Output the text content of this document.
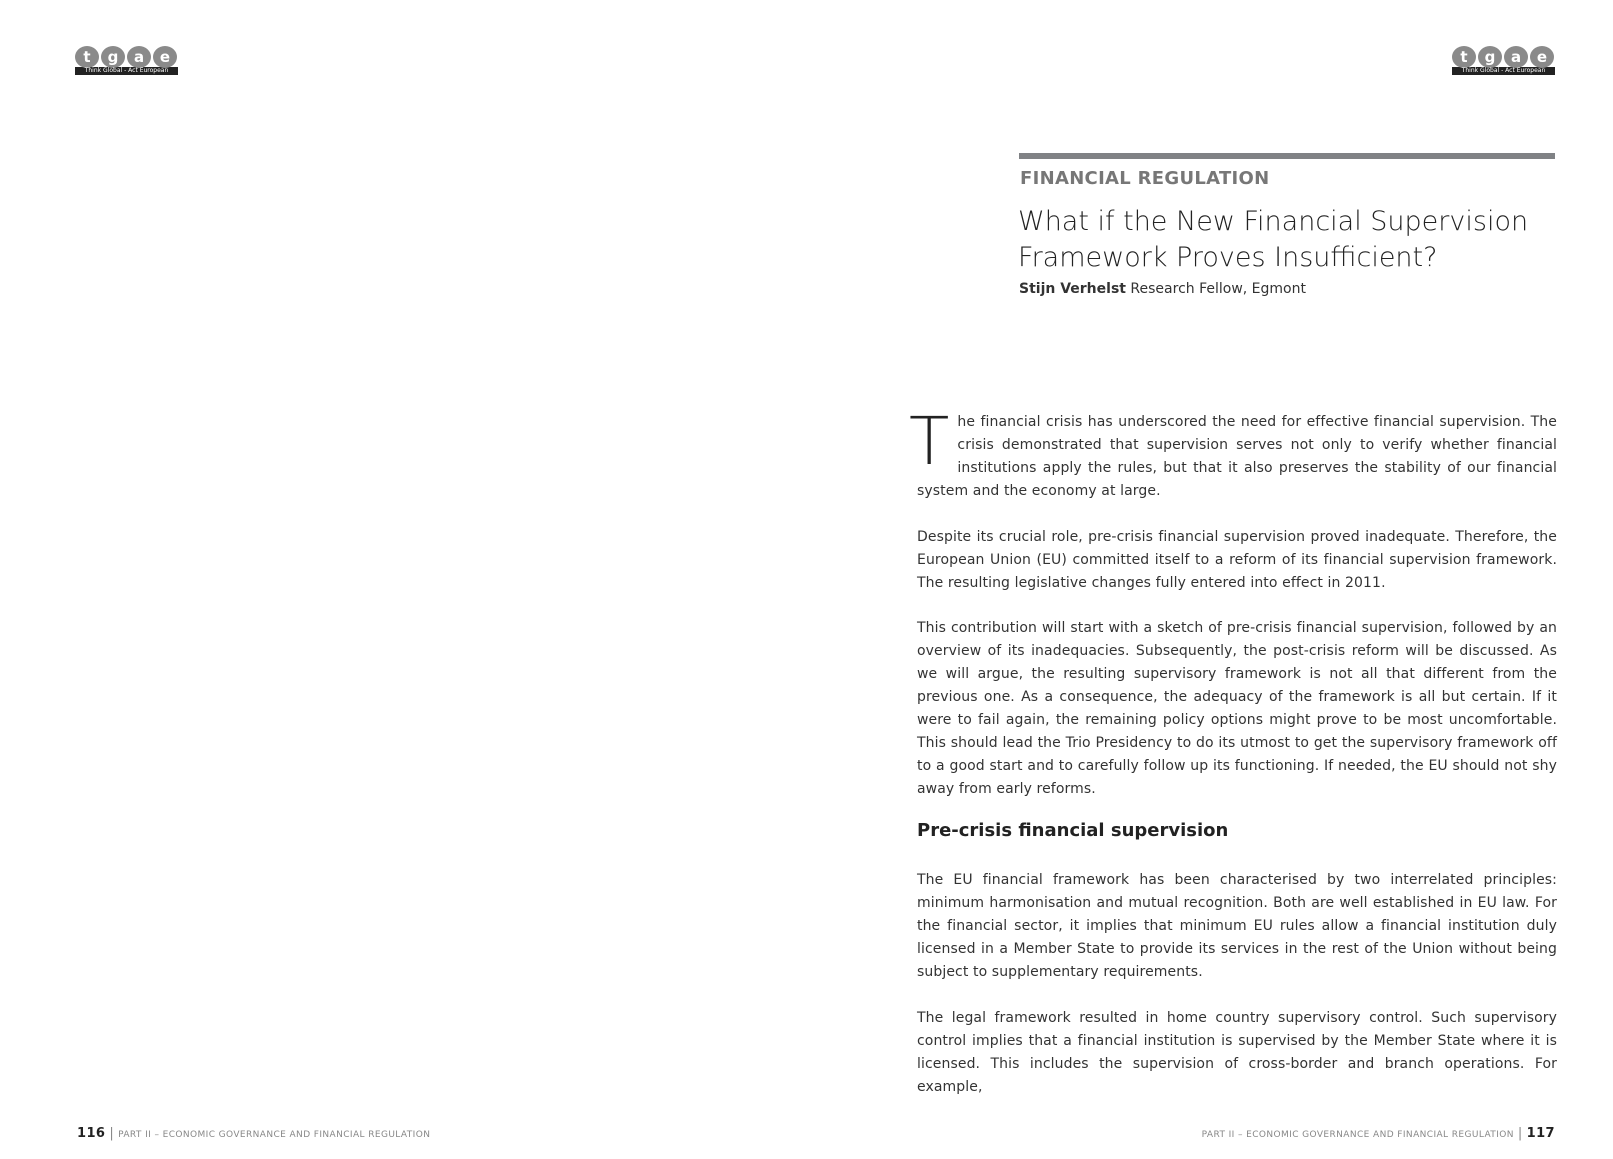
t	g	a	e
Think Global - Act European
t	g	a	e
Think Global - Act European
FINANCIAL REGULATION
What if the New Financial Supervision
Framework Proves Insufficient?
Stijn Verhelst Research Fellow, Egmont

The financial crisis has underscored the need for effective financial supervision. The crisis demonstrated that supervision serves not only to verify whether financial institutions apply the rules, but that it also preserves the stability of our financial system and the economy at large.

Despite its crucial role, pre-crisis financial supervision proved inadequate. Therefore, the European Union (EU) committed itself to a reform of its financial supervision framework. The resulting legislative changes fully entered into effect in 2011.

This contribution will start with a sketch of pre-crisis financial supervision, followed by an overview of its inadequacies. Subsequently, the post-crisis reform will be discussed. As we will argue, the resulting supervisory framework is not all that different from the previous one. As a consequence, the adequacy of the framework is all but certain. If it were to fail again, the remaining policy options might prove to be most uncomfortable. This should lead the Trio Presidency to do its utmost to get the supervisory framework off to a good start and to carefully follow up its functioning. If needed, the EU should not shy away from early reforms.

Pre-crisis financial supervision

The EU financial framework has been characterised by two interrelated principles: minimum harmonisation and mutual recognition. Both are well established in EU law. For the financial sector, it implies that minimum EU rules allow a financial institution duly licensed in a Member State to provide its services in the rest of the Union without being subject to supplementary requirements.

The legal framework resulted in home country supervisory control. Such supervisory control implies that a financial institution is supervised by the Member State where it is licensed. This includes the supervision of cross-border and branch operations. For example,

116 | PART II – ECONOMIC GOVERNANCE AND FINANCIAL REGULATION	PART II – ECONOMIC GOVERNANCE AND FINANCIAL REGULATION | 117
